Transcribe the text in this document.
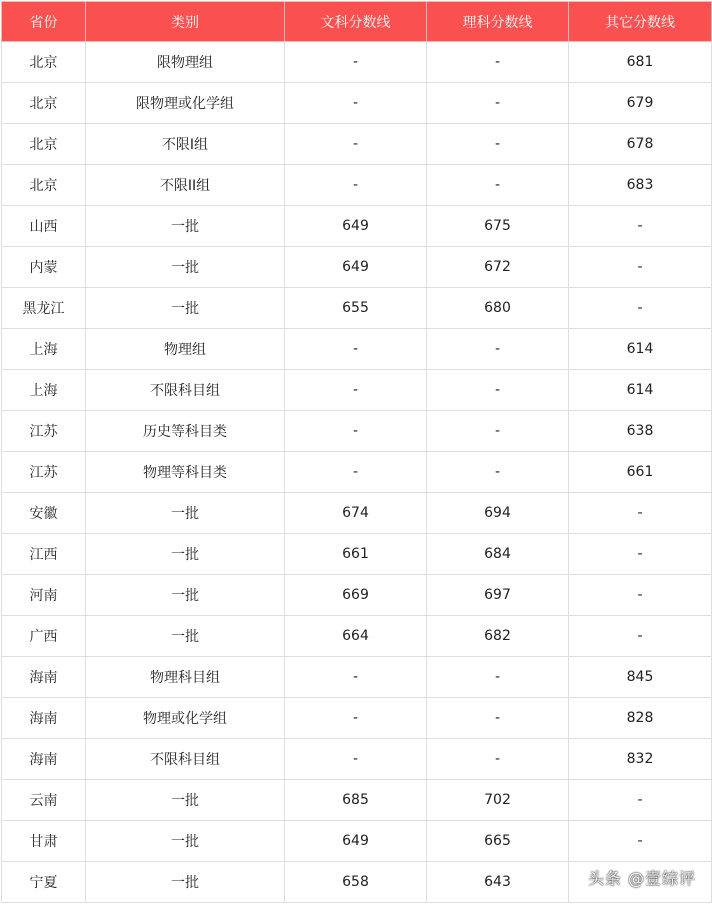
省份	类别	文科分数线	理科分数线	其它分数线
北京	限物理组	-	-	681
北京	限物理或化学组	-	-	679
北京	不限I组	-	-	678
北京	不限II组	-	-	683
山西	一批	649	675	-
内蒙	一批	649	672	-
黑龙江	一批	655	680	-
上海	物理组	-	-	614
上海	不限科目组	-	-	614
江苏	历史等科目类	-	-	638
江苏	物理等科目类	-	-	661
安徽	一批	674	694	-
江西	一批	661	684	-
河南	一批	669	697	-
广西	一批	664	682	-
海南	物理科目组	-	-	845
海南	物理或化学组	-	-	828
海南	不限科目组	-	-	832
云南	一批	685	702	-
甘肃	一批	649	665	-
宁夏	一批	658	643		头条 @壹综评
